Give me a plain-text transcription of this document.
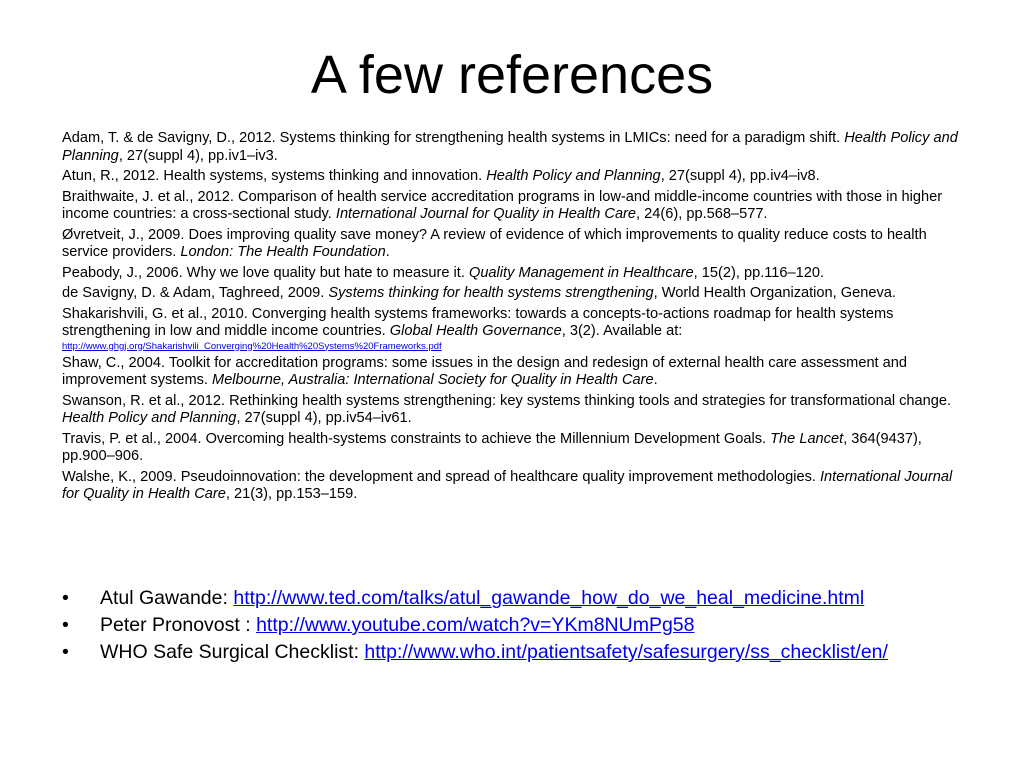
A few references

Adam, T. & de Savigny, D., 2012. Systems thinking for strengthening health systems in LMICs: need for a paradigm shift. Health Policy and Planning, 27(suppl 4), pp.iv1–iv3.

Atun, R., 2012. Health systems, systems thinking and innovation. Health Policy and Planning, 27(suppl 4), pp.iv4–iv8.

Braithwaite, J. et al., 2012. Comparison of health service accreditation programs in low-and middle-income countries with those in higher income countries: a cross-sectional study. International Journal for Quality in Health Care, 24(6), pp.568–577.

Øvretveit, J., 2009. Does improving quality save money? A review of evidence of which improvements to quality reduce costs to health service providers. London: The Health Foundation.

Peabody, J., 2006. Why we love quality but hate to measure it. Quality Management in Healthcare, 15(2), pp.116–120.

de Savigny, D. & Adam, Taghreed, 2009. Systems thinking for health systems strengthening, World Health Organization, Geneva.

Shakarishvili, G. et al., 2010. Converging health systems frameworks: towards a concepts-to-actions roadmap for health systems strengthening in low and middle income countries. Global Health Governance, 3(2). Available at:
http://www.ghgj.org/Shakarishvili_Converging%20Health%20Systems%20Frameworks.pdf

Shaw, C., 2004. Toolkit for accreditation programs: some issues in the design and redesign of external health care assessment and improvement systems. Melbourne, Australia: International Society for Quality in Health Care.

Swanson, R. et al., 2012. Rethinking health systems strengthening: key systems thinking tools and strategies for transformational change. Health Policy and Planning, 27(suppl 4), pp.iv54–iv61.

Travis, P. et al., 2004. Overcoming health-systems constraints to achieve the Millennium Development Goals. The Lancet, 364(9437), pp.900–906.

Walshe, K., 2009. Pseudoinnovation: the development and spread of healthcare quality improvement methodologies. International Journal for Quality in Health Care, 21(3), pp.153–159.

• Atul Gawande: http://www.ted.com/talks/atul_gawande_how_do_we_heal_medicine.html
• Peter Pronovost : http://www.youtube.com/watch?v=YKm8NUmPg58
• WHO Safe Surgical Checklist: http://www.who.int/patientsafety/safesurgery/ss_checklist/en/
